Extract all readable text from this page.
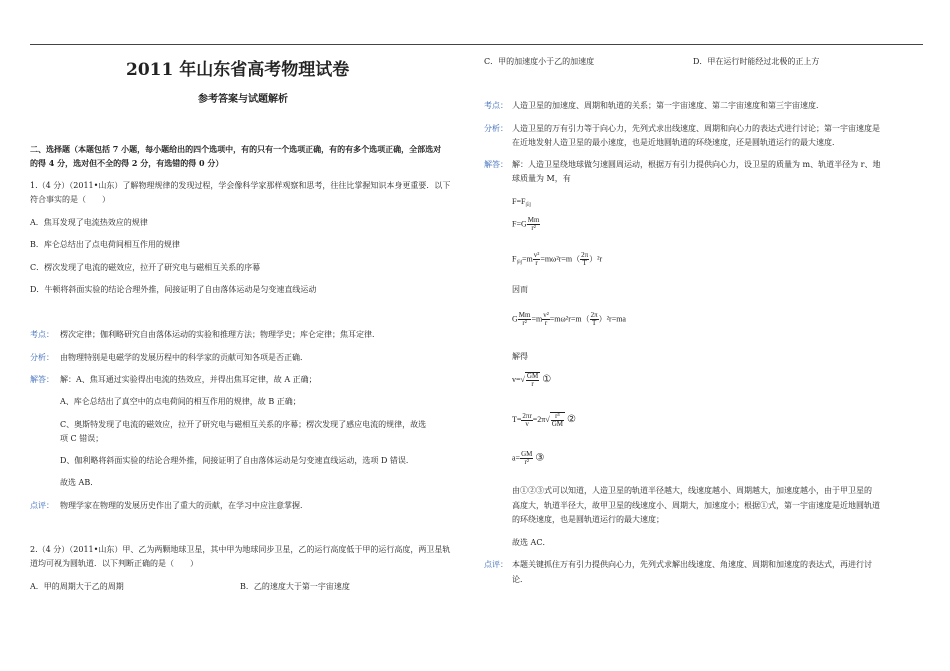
2011 年山东省高考物理试卷
参考答案与试题解析
二、选择题（本题包括 7 小题，每小题给出的四个选项中，有的只有一个选项正确，有的有多个选项正确，全部选对
的得 4 分，选对但不全的得 2 分，有选错的得 0 分）
1.（4 分）（2011•山东）了解物理规律的发现过程，学会像科学家那样观察和思考，往往比掌握知识本身更重要．以下
符合事实的是（　　）
A．焦耳发现了电流热效应的规律
B．库仑总结出了点电荷间相互作用的规律
C．楞次发现了电流的磁效应，拉开了研究电与磁相互关系的序幕
D．牛顿将斜面实验的结论合理外推，间接证明了自由落体运动是匀变速直线运动
考点： 楞次定律；伽利略研究自由落体运动的实验和推理方法；物理学史；库仑定律；焦耳定律．
分析： 由物理特别是电磁学的发展历程中的科学家的贡献可知各项是否正确．
解答： 解：A、焦耳通过实验得出电流的热效应，并得出焦耳定律，故 A 正确；
A、库仑总结出了真空中的点电荷间的相互作用的规律，故 B 正确；
C、奥斯特发现了电流的磁效应，拉开了研究电与磁相互关系的序幕；楞次发现了感应电流的规律，故选
项 C 错误；
D、伽利略将斜面实验的结论合理外推，间接证明了自由落体运动是匀变速直线运动，选项 D 错误．
故选 AB．
点评： 物理学家在物理的发展历史作出了重大的贡献，在学习中应注意掌握．
2.（4 分）（2011•山东）甲、乙为两颗地球卫星，其中甲为地球同步卫星，乙的运行高度低于甲的运行高度，两卫星轨
道均可视为圆轨道．以下判断正确的是（　　）
A．甲的周期大于乙的周期	B．乙的速度大于第一宇宙速度
C．甲的加速度小于乙的加速度	D．甲在运行时能经过北极的正上方
考点： 人造卫星的加速度、周期和轨道的关系；第一宇宙速度、第二宇宙速度和第三宇宙速度．
分析： 人造卫星的万有引力等于向心力，先列式求出线速度、周期和向心力的表达式进行讨论；第一宇宙速度是
在近地发射人造卫星的最小速度，也是近地圆轨道的环绕速度，还是圆轨道运行的最大速度．
解答： 解：人造卫星绕地球做匀速圆周运动，根据万有引力提供向心力，设卫星的质量为 m、轨道半径为 r、地
球质量为 M，有
$F=F_向$
$F=G \frac{Mm}{\text{r²}}$
$F_向=m \frac{\text{v²}}{r} =m\omega^2r=m( \frac{2\pi}{T} )^2r$
因而
G $\frac{Mm}{\text{r²}} =m \frac{\text{v²}}{r} =m\omega^2r=m( \frac{2\pi}{T} )^2r=ma$
解得
$v=√ \frac{GM}{r}$ ①
$T= \frac{2\pi r}{v} =2\pi√ \frac{\text{r³}}{GM}$ ②
$a= \frac{GM}{\text{r²}}$ ③
由①②③式可以知道，人造卫星的轨道半径越大，线速度越小、周期越大，加速度越小，由于甲卫星的
高度大，轨道半径大，故甲卫星的线速度小、周期大，加速度小；根据①式，第一宇宙速度是近地圆轨道
的环绕速度，也是圆轨道运行的最大速度；
故选 AC．
点评： 本题关键抓住万有引力提供向心力，先列式求解出线速度、角速度、周期和加速度的表达式，再进行讨
论．
